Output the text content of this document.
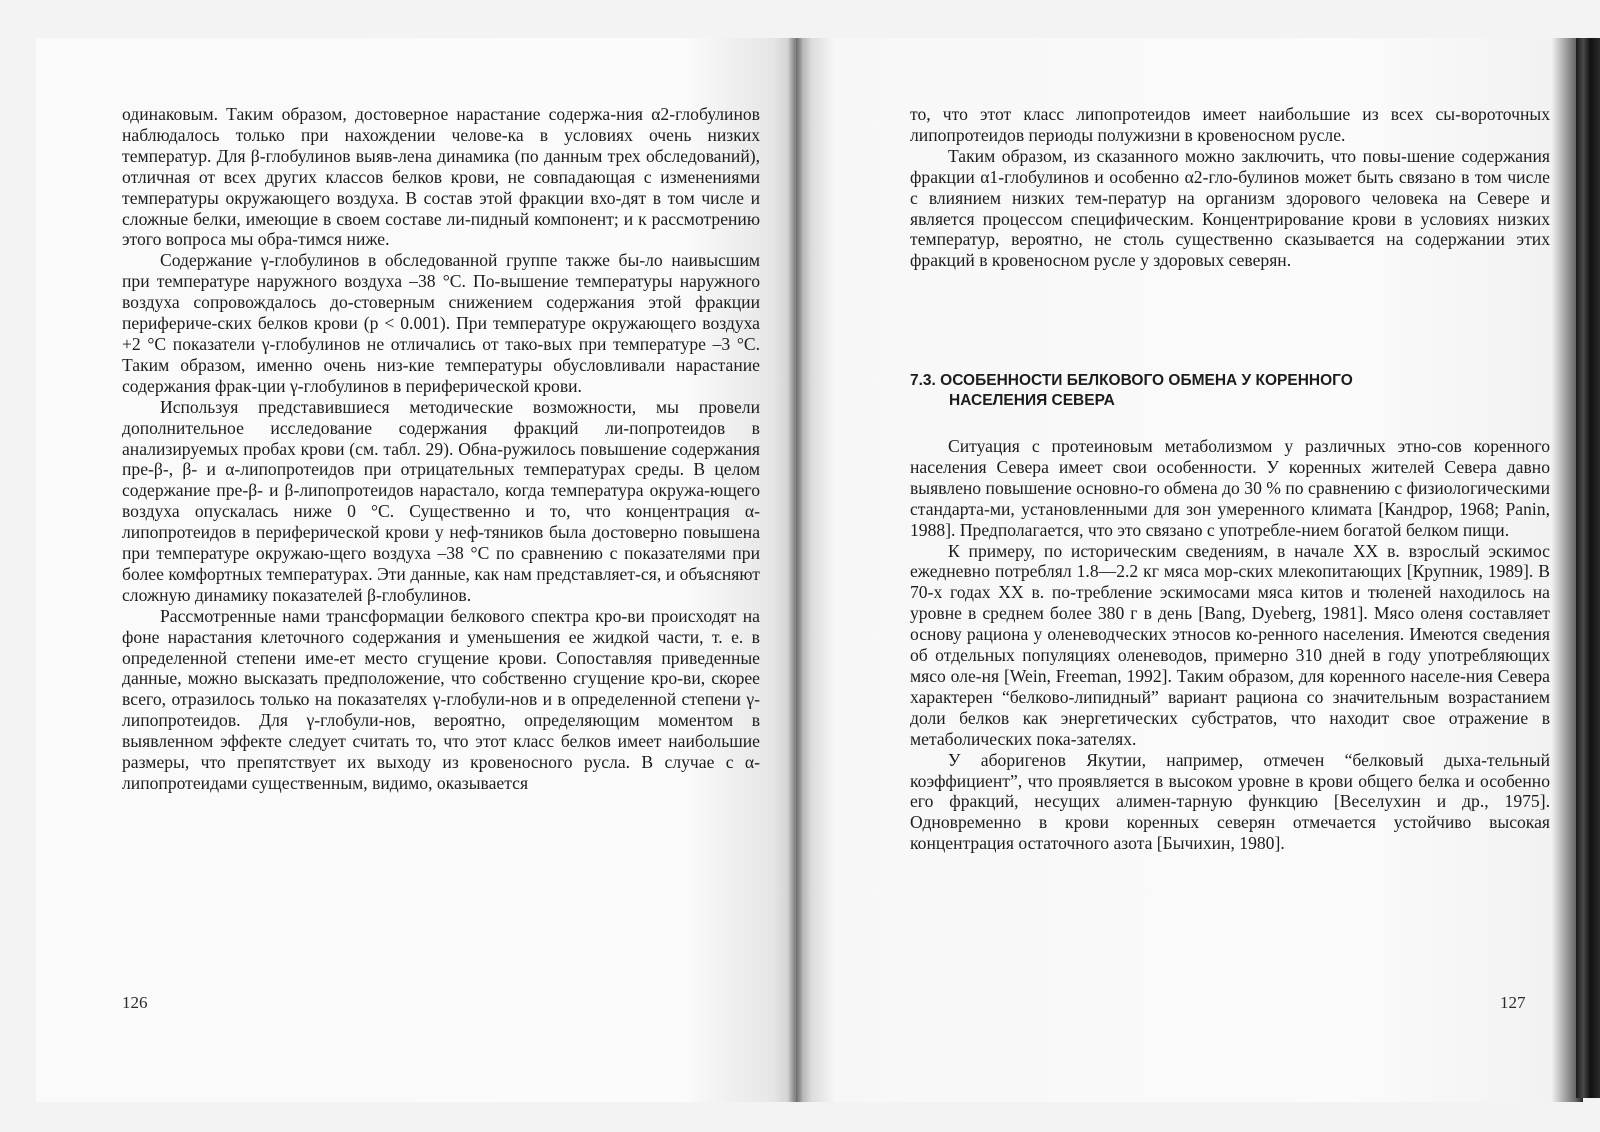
одинаковым. Таким образом, достоверное нарастание содержа-ния α2-глобулинов наблюдалось только при нахождении челове-ка в условиях очень низких температур. Для β-глобулинов выяв-лена динамика (по данным трех обследований), отличная от всех других классов белков крови, не совпадающая с изменениями температуры окружающего воздуха. В состав этой фракции вхо-дят в том числе и сложные белки, имеющие в своем составе ли-пидный компонент; и к рассмотрению этого вопроса мы обра-тимся ниже.

Содержание γ-глобулинов в обследованной группе также бы-ло наивысшим при температуре наружного воздуха –38 °С. По-вышение температуры наружного воздуха сопровождалось до-стоверным снижением содержания этой фракции перифериче-ских белков крови (p < 0.001). При температуре окружающего воздуха +2 °С показатели γ-глобулинов не отличались от тако-вых при температуре –3 °С. Таким образом, именно очень низ-кие температуры обусловливали нарастание содержания фрак-ции γ-глобулинов в периферической крови.

Используя представившиеся методические возможности, мы провели дополнительное исследование содержания фракций ли-попротеидов в анализируемых пробах крови (см. табл. 29). Обна-ружилось повышение содержания пре-β-, β- и α-липопротеидов при отрицательных температурах среды. В целом содержание пре-β- и β-липопротеидов нарастало, когда температура окружа-ющего воздуха опускалась ниже 0 °С. Существенно и то, что концентрация α-липопротеидов в периферической крови у неф-тяников была достоверно повышена при температуре окружаю-щего воздуха –38 °С по сравнению с показателями при более комфортных температурах. Эти данные, как нам представляет-ся, и объясняют сложную динамику показателей β-глобулинов.

Рассмотренные нами трансформации белкового спектра кро-ви происходят на фоне нарастания клеточного содержания и уменьшения ее жидкой части, т. е. в определенной степени име-ет место сгущение крови. Сопоставляя приведенные данные, можно высказать предположение, что собственно сгущение кро-ви, скорее всего, отразилось только на показателях γ-глобули-нов и в определенной степени γ-липопротеидов. Для γ-глобули-нов, вероятно, определяющим моментом в выявленном эффекте следует считать то, что этот класс белков имеет наибольшие размеры, что препятствует их выходу из кровеносного русла. В случае с α-липопротеидами существенным, видимо, оказывается

126

то, что этот класс липопротеидов имеет наибольшие из всех сы-вороточных липопротеидов периоды полужизни в кровеносном русле.

Таким образом, из сказанного можно заключить, что повы-шение содержания фракции α1-глобулинов и особенно α2-гло-булинов может быть связано в том числе с влиянием низких тем-ператур на организм здорового человека на Севере и является процессом специфическим. Концентрирование крови в условиях низких температур, вероятно, не столь существенно сказывается на содержании этих фракций в кровеносном русле у здоровых северян.

7.3. ОСОБЕННОСТИ БЕЛКОВОГО ОБМЕНА У КОРЕННОГО
НАСЕЛЕНИЯ СЕВЕРА

Ситуация с протеиновым метаболизмом у различных этно-сов коренного населения Севера имеет свои особенности. У коренных жителей Севера давно выявлено повышение основно-го обмена до 30 % по сравнению с физиологическими стандарта-ми, установленными для зон умеренного климата [Кандрор, 1968; Panin, 1988]. Предполагается, что это связано с употребле-нием богатой белком пищи.

К примеру, по историческим сведениям, в начале XX в. взрослый эскимос ежедневно потреблял 1.8—2.2 кг мяса мор-ских млекопитающих [Крупник, 1989]. В 70-х годах XX в. по-требление эскимосами мяса китов и тюленей находилось на уровне в среднем более 380 г в день [Bang, Dyeberg, 1981]. Мясо оленя составляет основу рациона у оленеводческих этносов ко-ренного населения. Имеются сведения об отдельных популяциях оленеводов, примерно 310 дней в году употребляющих мясо оле-ня [Wein, Freeman, 1992]. Таким образом, для коренного населе-ния Севера характерен “белково-липидный” вариант рациона со значительным возрастанием доли белков как энергетических субстратов, что находит свое отражение в метаболических пока-зателях.

У аборигенов Якутии, например, отмечен “белковый дыха-тельный коэффициент”, что проявляется в высоком уровне в крови общего белка и особенно его фракций, несущих алимен-тарную функцию [Веселухин и др., 1975]. Одновременно в крови коренных северян отмечается устойчиво высокая концентрация остаточного азота [Бычихин, 1980].

127
